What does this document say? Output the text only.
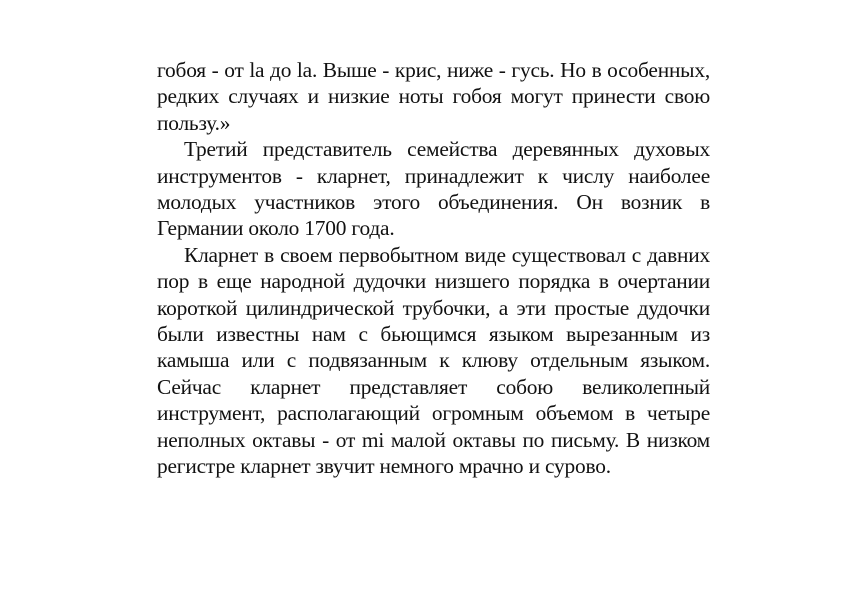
гобоя - от la до la. Выше - крис, ниже - гусь. Но в особенных, редких случаях и низкие ноты гобоя могут принести свою пользу.»

Третий представитель семейства деревянных духовых инструментов - кларнет, принадлежит к числу наиболее молодых участников этого объединения. Он возник в Германии около 1700 года.

Кларнет в своем первобытном виде существовал с давних пор в еще народной дудочки низшего порядка в очертании короткой цилиндрической трубочки, а эти простые дудочки были известны нам с бьющимся языком вырезанным из камыша или с подвязанным к клюву отдельным языком. Сейчас кларнет представляет собою великолепный инструмент, располагающий огромным объемом в четыре неполных октавы - от mi малой октавы по письму. В низком регистре кларнет звучит немного мрачно и сурово.
